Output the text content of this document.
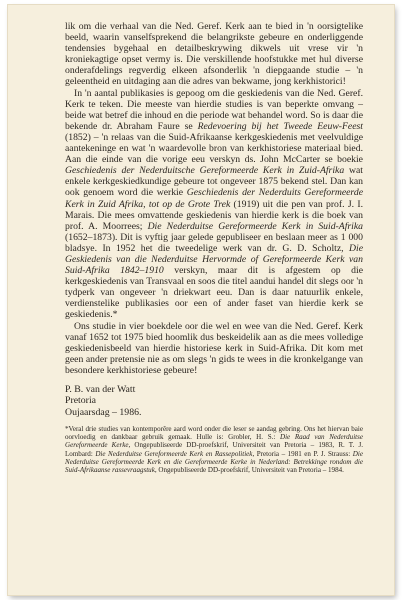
lik om die verhaal van die Ned. Geref. Kerk aan te bied in 'n oorsigtelike beeld, waarin vanselfsprekend die belangrikste gebeure en onderliggende tendensies bygehaal en detailbeskrywing dikwels uit vrese vir 'n kroniekagtige opset vermy is. Die verskillende hoofstukke met hul diverse onderafdelings regverdig elkeen afsonderlik 'n diepgaande studie – 'n geleentheid en uitdaging aan die adres van bekwame, jong kerkhistorici!

In 'n aantal publikasies is gepoog om die geskiedenis van die Ned. Geref. Kerk te teken. Die meeste van hierdie studies is van beperkte omvang – beide wat betref die inhoud en die periode wat behandel word. So is daar die bekende dr. Abraham Faure se Redevoering bij het Tweede Eeuw-Feest (1852) – 'n relaas van die Suid-Afrikaanse kerkgeskiedenis met veelvuldige aantekeninge en wat 'n waardevolle bron van kerkhistoriese materiaal bied. Aan die einde van die vorige eeu verskyn ds. John McCarter se boekie Geschiedenis der Nederduitsche Gereformeerde Kerk in Zuid-Afrika wat enkele kerkgeskiedkundige gebeure tot ongeveer 1875 bekend stel. Dan kan ook genoem word die werkie Geschiedenis der Nederduits Gereformeerde Kerk in Zuid Afrika, tot op de Grote Trek (1919) uit die pen van prof. J. I. Marais. Die mees omvattende geskiedenis van hierdie kerk is die boek van prof. A. Moorrees; Die Nederduitse Gereformeerde Kerk in Suid-Afrika (1652–1873). Dit is vyftig jaar gelede gepubliseer en beslaan meer as 1 000 bladsye. In 1952 het die tweedelige werk van dr. G. D. Scholtz, Die Geskiedenis van die Nederduitse Hervormde of Gereformeerde Kerk van Suid-Afrika 1842–1910 verskyn, maar dit is afgestem op die kerkgeskiedenis van Transvaal en soos die titel aandui handel dit slegs oor 'n tydperk van ongeveer 'n driekwart eeu. Dan is daar natuurlik enkele, verdienstelike publikasies oor een of ander faset van hierdie kerk se geskiedenis.*

Ons studie in vier boekdele oor die wel en wee van die Ned. Geref. Kerk vanaf 1652 tot 1975 bied hoomlik dus beskeidelik aan as die mees volledige geskiedenisbeeld van hierdie historiese kerk in Suid-Afrika. Dit kom met geen ander pretensie nie as om slegs 'n gids te wees in die kronkelgange van besondere kerkhistoriese gebeure!

P. B. van der Watt
Pretoria
Oujaarsdag – 1986.
*Veral drie studies van kontemporêre aard word onder die leser se aandag gebring. Ons het hiervan baie oorvloedig en dankbaar gebruik gemaak. Hulle is: Grobler, H. S.: Die Raad van Nederduitse Gereformeerde Kerke, Ongepubliseerde DD-proefskrif, Universiteit van Pretoria – 1983, R. T. J. Lombard: Die Nederduitse Gereformeerde Kerk en Rassepolitiek, Pretoria – 1981 en P. J. Strauss: Die Nederduitse Gereformeerde Kerk en die Gereformeerde Kerke in Nederland: Betrekkinge rondom die Suid-Afrikaanse rassevraagstuk, Ongepubliseerde DD-proefskrif, Universiteit van Pretoria – 1984.
